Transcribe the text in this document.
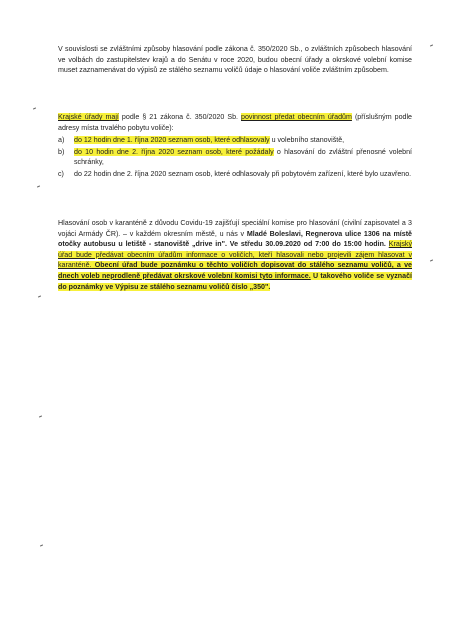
V souvislosti se zvláštními způsoby hlasování podle zákona č. 350/2020 Sb., o zvláštních způsobech hlasování ve volbách do zastupitelstev krajů a do Senátu v roce 2020, budou obecní úřady a okrskové volební komise muset zaznamenávat do výpisů ze stálého seznamu voličů údaje o hlasování voliče zvláštním způsobem.
Krajské úřady mají podle § 21 zákona č. 350/2020 Sb. povinnost předat obecním úřadům (příslušným podle adresy místa trvalého pobytu voliče):
a) do 12 hodin dne 1. října 2020 seznam osob, které odhlasovaly u volebního stanoviště,
b) do 10 hodin dne 2. října 2020 seznam osob, které požádaly o hlasování do zvláštní přenosné volební schránky,
c) do 22 hodin dne 2. října 2020 seznam osob, které odhlasovaly při pobytovém zařízení, které bylo uzavřeno.
Hlasování osob v karanténě z důvodu Covidu-19 zajišťují speciální komise pro hlasování (civilní zapisovatel a 3 vojáci Armády ČR). – v každém okresním městě, u nás v Mladé Boleslavi, Regnerova ulice 1306 na místě otočky autobusu u letiště - stanoviště „drive in". Ve středu 30.09.2020 od 7:00 do 15:00 hodin. Krajský úřad bude předávat obecním úřadům informace o voličích, kteří hlasovali nebo projevili zájem hlasovat v karanténě. Obecní úřad bude poznámku o těchto voličích dopisovat do stálého seznamu voličů, a ve dnech voleb neprodleně předávat okrskové volební komisi tyto informace. U takového voliče se vyznačí do poznámky ve Výpisu ze stálého seznamu voličů číslo „350".
